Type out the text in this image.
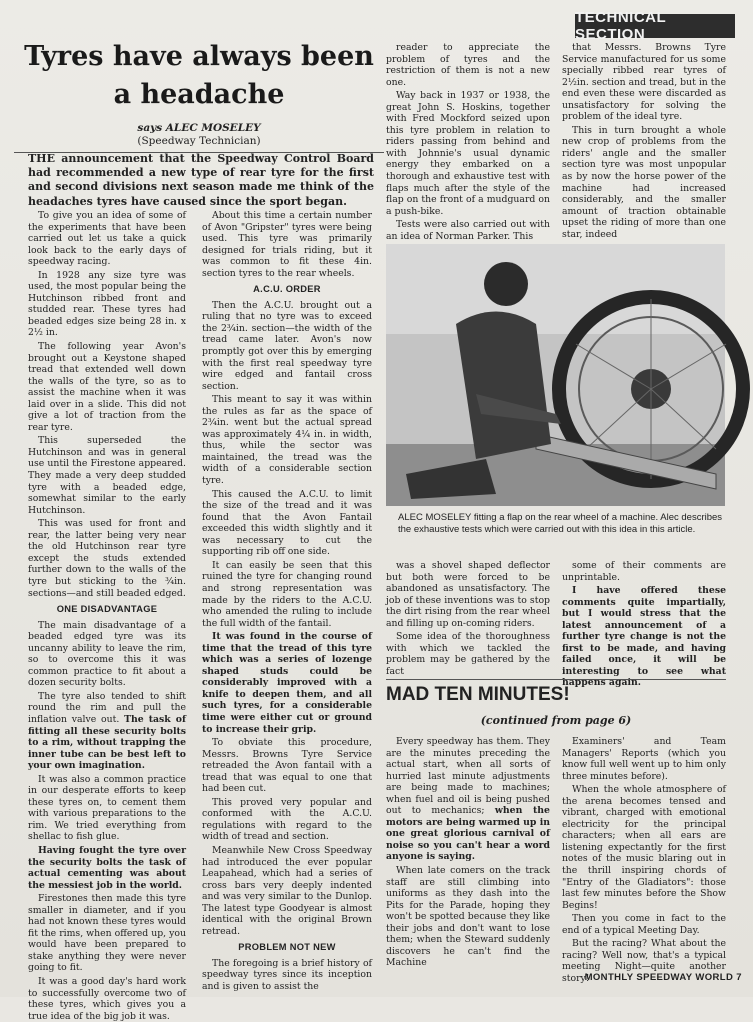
TECHNICAL SECTION
Tyres have always been a headache
says ALEC MOSELEY
(Speedway Technician)
THE announcement that the Speedway Control Board had recommended a new type of rear tyre for the first and second divisions next season made me think of the headaches tyres have caused since the sport began.

To give you an idea of some of the experiments that have been carried out let us take a quick look back to the early days of speedway racing.

In 1928 any size tyre was used, the most popular being the Hutchinson ribbed front and studded rear. These tyres had beaded edges size being 28 in. x 2½ in.

The following year Avon's brought out a Keystone shaped tread that extended well down the walls of the tyre, so as to assist the machine when it was laid over in a slide. This did not give a lot of traction from the rear tyre.

This superseded the Hutchinson and was in general use until the Firestone appeared. They made a very deep studded tyre with a beaded edge, somewhat similar to the early Hutchinson.

This was used for front and rear, the latter being very near the old Hutchinson rear tyre except the studs extended further down to the walls of the tyre but sticking to the ¾in. sections—and still beaded edged.

ONE DISADVANTAGE

The main disadvantage of a beaded edged tyre was its uncanny ability to leave the rim, so to overcome this it was common practice to fit about a dozen security bolts.

The tyre also tended to shift round the rim and pull the inflation valve out. The task of fitting all these security bolts to a rim, without trapping the inner tube can be best left to your own imagination.

It was also a common practice in our desperate efforts to keep these tyres on, to cement them with various preparations to the rim. We tried everything from shellac to fish glue.

Having fought the tyre over the security bolts the task of actual cementing was about the messiest job in the world.

Firestones then made this tyre smaller in diameter, and if you had not known these tyres would fit the rims, when offered up, you would have been prepared to stake anything they were never going to fit.

It was a good day's hard work to successfully overcome two of these tyres, which gives you a true idea of the big job it was.

About this time a certain number of Avon "Gripster" tyres were being used. This tyre was primarily designed for trials riding, but it was common to fit these 4in. section tyres to the rear wheels.

A.C.U. ORDER

Then the A.C.U. brought out a ruling that no tyre was to exceed the 2¾in. section—the width of the tread came later. Avon's now promptly got over this by emerging with the first real speedway tyre wire edged and fantail cross section.

This meant to say it was within the rules as far as the space of 2¾in. went but the actual spread was approximately 4¼ in. in width, thus, while the sector was maintained, the tread was the width of a considerable section tyre.

This caused the A.C.U. to limit the size of the tread and it was found that the Avon Fantail exceeded this width slightly and it was necessary to cut the supporting rib off one side.

It can easily be seen that this ruined the tyre for changing round and strong representation was made by the riders to the A.C.U. who amended the ruling to include the full width of the fantail.

It was found in the course of time that the tread of this tyre which was a series of lozenge shaped studs could be considerably improved with a knife to deepen them, and all such tyres, for a considerable time were either cut or ground to increase their grip.

To obviate this procedure, Messrs. Browns Tyre Service retreaded the Avon fantail with a tread that was equal to one that had been cut.

This proved very popular and conformed with the A.C.U. regulations with regard to the width of tread and section.

Meanwhile New Cross Speedway had introduced the ever popular Leapahead, which had a series of cross bars very deeply indented and was very similar to the Dunlop. The latest type Goodyear is almost identical with the original Brown retread.

PROBLEM NOT NEW

The foregoing is a brief history of speedway tyres since its inception and is given to assist the

reader to appreciate the problem of tyres and the restriction of them is not a new one.

Way back in 1937 or 1938, the great John S. Hoskins, together with Fred Mockford seized upon this tyre problem in relation to riders passing from behind and with Johnnie's usual dynamic energy they embarked on a thorough and exhaustive test with flaps much after the style of the flap on the front of a mudguard on a push-bike.

Tests were also carried out with an idea of Norman Parker. This

that Messrs. Browns Tyre Service manufactured for us some specially ribbed rear tyres of 2½in. section and tread, but in the end even these were discarded as unsatisfactory for solving the problem of the ideal tyre.

This in turn brought a whole new crop of problems from the riders' angle and the smaller section tyre was most unpopular as by now the horse power of the machine had increased considerably, and the smaller amount of traction obtainable upset the riding of more than one star, indeed

ALEC MOSELEY fitting a flap on the rear wheel of a machine. Alec describes the exhaustive tests which were carried out with this idea in this article.

was a shovel shaped deflector but both were forced to be abandoned as unsatisfactory. The job of these inventions was to stop the dirt rising from the rear wheel and filling up on-coming riders.

Some idea of the thoroughness with which we tackled the problem may be gathered by the fact

some of their comments are unprintable.

I have offered these comments quite impartially, but I would stress that the latest announcement of a further tyre change is not the first to be made, and having failed once, it will be interesting to see what happens again.

MAD TEN MINUTES!
(continued from page 6)

Every speedway has them. They are the minutes preceding the actual start, when all sorts of hurried last minute adjustments are being made to machines; when fuel and oil is being pushed out to mechanics; when the motors are being warmed up in one great glorious carnival of noise so you can't hear a word anyone is saying.

When late comers on the track staff are still climbing into uniforms as they dash into the Pits for the Parade, hoping they won't be spotted because they like their jobs and don't want to lose them; when the Steward suddenly discovers he can't find the Machine

Examiners' and Team Managers' Reports (which you know full well went up to him only three minutes before).

When the whole atmosphere of the arena becomes tensed and vibrant, charged with emotional electricity for the principal characters; when all ears are listening expectantly for the first notes of the music blaring out in the thrill inspiring chords of "Entry of the Gladiators": those last few minutes before the Show Begins!

Then you come in fact to the end of a typical Meeting Day.

But the racing? What about the racing? Well now, that's a typical meeting Night—quite another story!

MONTHLY SPEEDWAY WORLD 7
